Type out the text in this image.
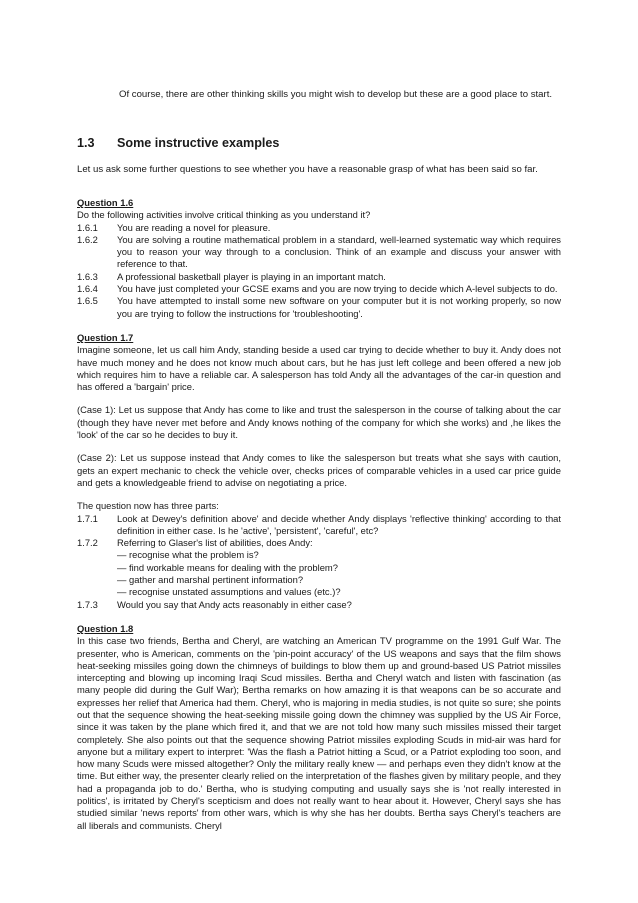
Of course, there are other thinking skills you might wish to develop but these are a good place to start.

1.3	Some instructive examples

Let us ask some further questions to see whether you have a reasonable grasp of what has been said so far.

Question 1.6

Do the following activities involve critical thinking as you understand it?

1.6.1	You are reading a novel for pleasure.
1.6.2	You are solving a routine mathematical problem in a standard, well-learned systematic way which requires you to reason your way through to a conclusion. Think of an example and discuss your answer with reference to that.
1.6.3	A professional basketball player is playing in an important match.
1.6.4	You have just completed your GCSE exams and you are now trying to decide which A-level subjects to do.
1.6.5	You have attempted to install some new software on your computer but it is not working properly, so now you are trying to follow the instructions for 'troubleshooting'.
Question 1.7

Imagine someone, let us call him Andy, standing beside a used car trying to decide whether to buy it. Andy does not have much money and he does not know much about cars, but he has just left college and been offered a new job which requires him to have a reliable car. A salesperson has told Andy all the advantages of the car-in question and has offered a 'bargain' price.

(Case 1): Let us suppose that Andy has come to like and trust the salesperson in the course of talking about the car (though they have never met before and Andy knows nothing of the company for which she works) and ,he likes the 'look' of the car so he decides to buy it.

(Case 2): Let us suppose instead that Andy comes to like the salesperson but treats what she says with caution, gets an expert mechanic to check the vehicle over, checks prices of comparable vehicles in a used car price guide and gets a knowledgeable friend to advise on negotiating a price.

The question now has three parts:

1.7.1	Look at Dewey's definition above' and decide whether Andy displays 'reflective thinking' according to that definition in either case. Is he 'active', 'persistent', 'careful', etc?
1.7.2	Referring to Glaser's list of abilities, does Andy:
— recognise what the problem is?
— find workable means for dealing with the problem?
— gather and marshal pertinent information?
— recognise unstated assumptions and values (etc.)?
1.7.3	Would you say that Andy acts reasonably in either case?
Question 1.8

In this case two friends, Bertha and Cheryl, are watching an American TV programme on the 1991 Gulf War. The presenter, who is American, comments on the 'pin-point accuracy' of the US weapons and says that the film shows heat-seeking missiles going down the chimneys of buildings to blow them up and ground-based US Patriot missiles intercepting and blowing up incoming Iraqi Scud missiles. Bertha and Cheryl watch and listen with fascination (as many people did during the Gulf War); Bertha remarks on how amazing it is that weapons can be so accurate and expresses her relief that America had them. Cheryl, who is majoring in media studies, is not quite so sure; she points out that the sequence showing the heat-seeking missile going down the chimney was supplied by the US Air Force, since it was taken by the plane which fired it, and that we are not told how many such missiles missed their target completely. She also points out that the sequence showing Patriot missiles exploding Scuds in mid-air was hard for anyone but a military expert to interpret: 'Was the flash a Patriot hitting a Scud, or a Patriot exploding too soon, and how many Scuds were missed altogether? Only the military really knew — and perhaps even they didn't know at the time. But either way, the presenter clearly relied on the interpretation of the flashes given by military people, and they had a propaganda job to do.' Bertha, who is studying computing and usually says she is 'not really interested in politics', is irritated by Cheryl's scepticism and does not really want to hear about it. However, Cheryl says she has studied similar 'news reports' from other wars, which is why she has her doubts. Bertha says Cheryl's teachers are all liberals and communists. Cheryl
